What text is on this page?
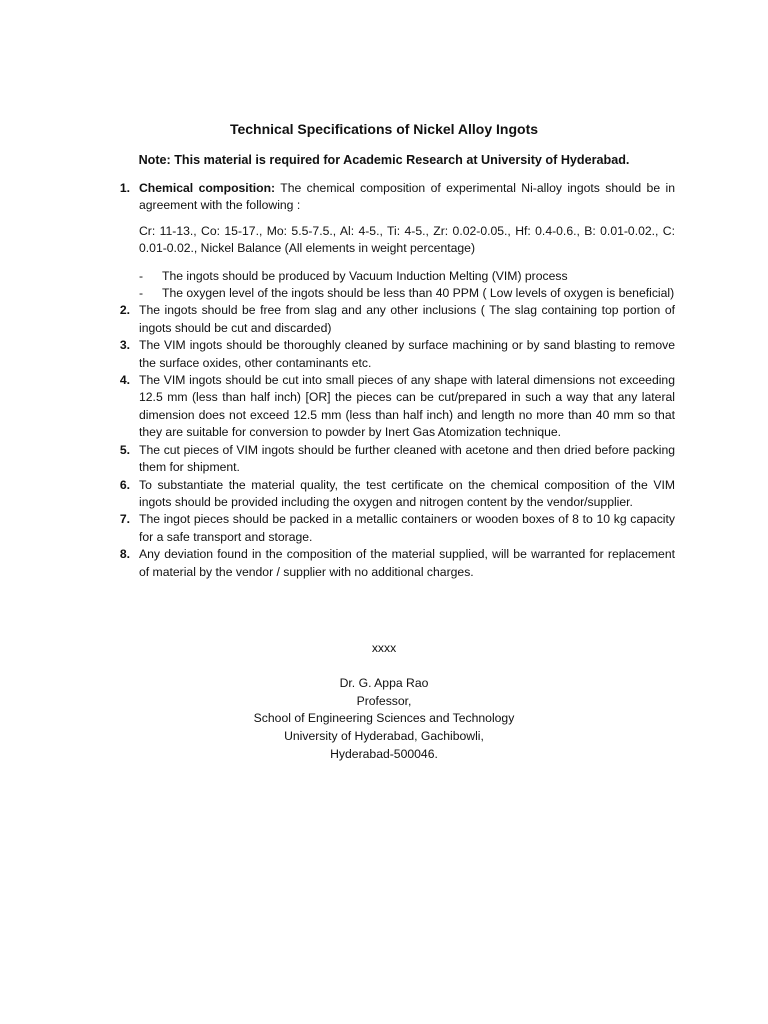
Technical Specifications of Nickel Alloy Ingots
Note: This material is required for Academic Research at University of Hyderabad.
1. Chemical composition: The chemical composition of experimental Ni-alloy ingots should be in agreement with the following :
Cr: 11-13., Co: 15-17., Mo: 5.5-7.5., Al: 4-5., Ti: 4-5., Zr: 0.02-0.05., Hf: 0.4-0.6., B: 0.01-0.02., C: 0.01-0.02., Nickel Balance (All elements in weight percentage)
- The ingots should be produced by Vacuum Induction Melting (VIM) process
- The oxygen level of the ingots should be less than 40 PPM ( Low levels of oxygen is beneficial)
2. The ingots should be free from slag and any other inclusions ( The slag containing top portion of ingots should be cut and discarded)
3. The VIM ingots should be thoroughly cleaned by surface machining or by sand blasting to remove the surface oxides, other contaminants etc.
4. The VIM ingots should be cut into small pieces of any shape with lateral dimensions not exceeding 12.5 mm (less than half inch) [OR] the pieces can be cut/prepared in such a way that any lateral dimension does not exceed 12.5 mm (less than half inch) and length no more than 40 mm so that they are suitable for conversion to powder by Inert Gas Atomization technique.
5. The cut pieces of VIM ingots should be further cleaned with acetone and then dried before packing them for shipment.
6. To substantiate the material quality, the test certificate on the chemical composition of the VIM ingots should be provided including the oxygen and nitrogen content by the vendor/supplier.
7. The ingot pieces should be packed in a metallic containers or wooden boxes of 8 to 10 kg capacity for a safe transport and storage.
8. Any deviation found in the composition of the material supplied, will be warranted for replacement of material by the vendor / supplier with no additional charges.
xxxx
Dr. G. Appa Rao
Professor,
School of Engineering Sciences and Technology
University of Hyderabad, Gachibowli,
Hyderabad-500046.
